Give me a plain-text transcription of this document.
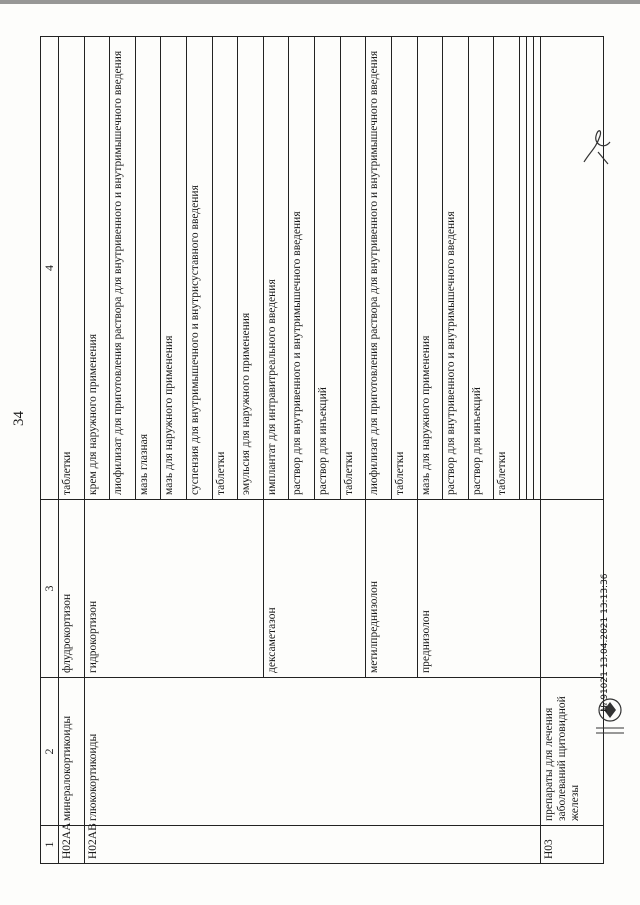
34
1	2	3	4
Н02АА	минералокортикоиды	флудрокортизон	таблетки
Н02АВ	глюкокортикоиды	гидрокортизон	крем для наружного применения
			лиофилизат для приготовления раствора для внутривенного и внутримышечного введения
			мазь глазная
			мазь для наружного применения
			суспензия для внутримышечного и внутрисуставного введения
			таблетки
			эмульсия для наружного применения
		дексаметазон	имплантат для интравитреального введения
			раствор для внутривенного и внутримышечного введения
			раствор для инъекций
			таблетки
		метилпреднизолон	лиофилизат для приготовления раствора для внутривенного и внутримышечного введения
			таблетки
		преднизолон	мазь для наружного применения
			раствор для внутривенного и внутримышечного введения
			раствор для инъекций
			таблетки

Н03	препараты для лечения заболеваний щитовидной железы		
№ 91021 13.04.2021 13:13:36
